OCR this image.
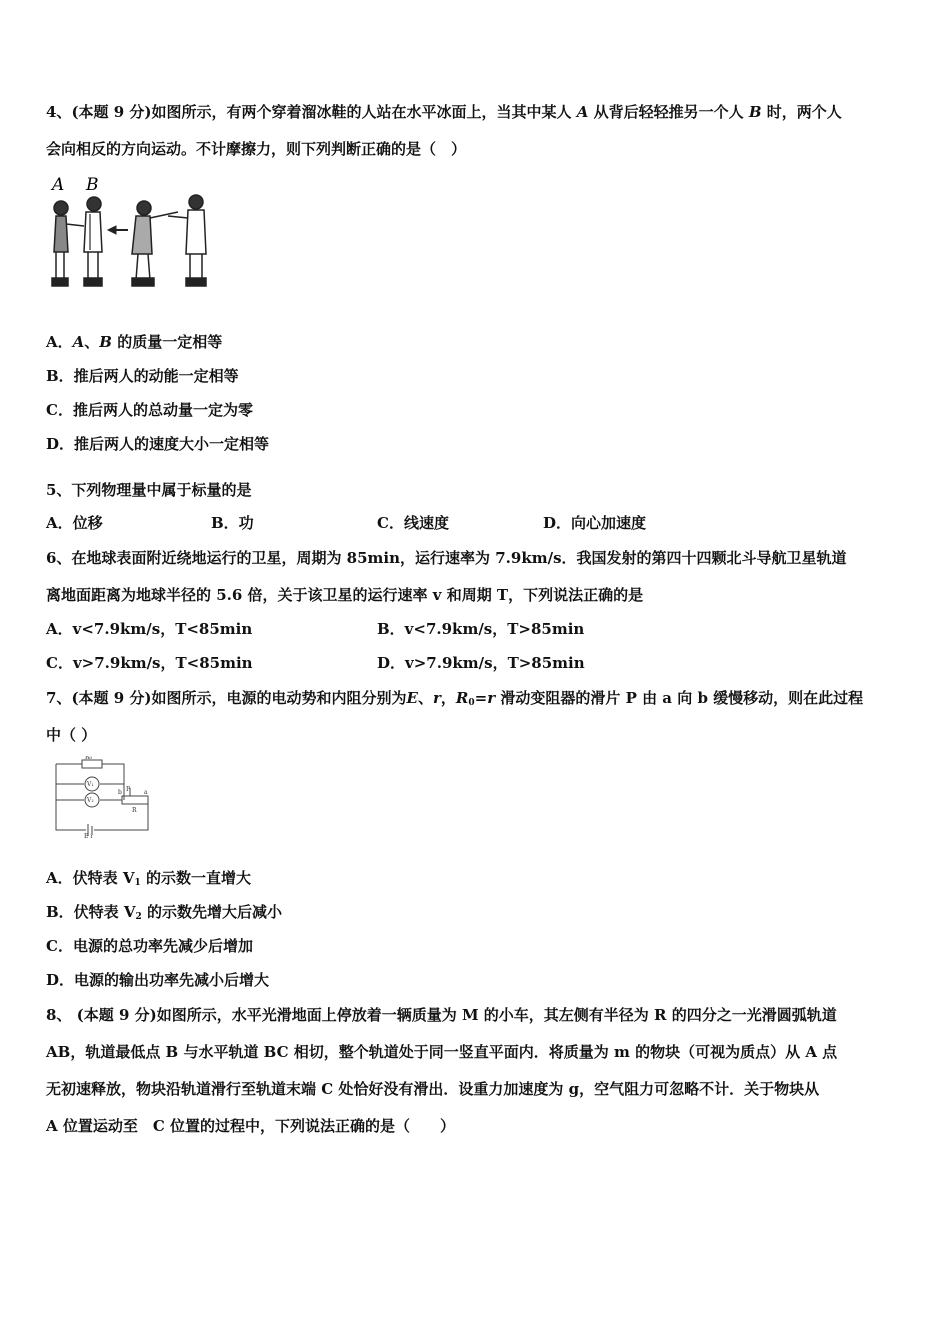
4、(本题 9 分)如图所示，有两个穿着溜冰鞋的人站在水平冰面上，当其中某人 A 从背后轻轻推另一个人 B 时，两个人
会向相反的方向运动。不计摩擦力，则下列判断正确的是（　）
A B
A．A、B 的质量一定相等
B．推后两人的动能一定相等
C．推后两人的总动量一定为零
D．推后两人的速度大小一定相等
5、下列物理量中属于标量的是
A．位移	B．功	C．线速度	D．向心加速度
6、在地球表面附近绕地运行的卫星，周期为 85min，运行速率为 7.9km/s．我国发射的第四十四颗北斗导航卫星轨道
离地面距离为地球半径的 5.6 倍，关于该卫星的运行速率 v 和周期 T，下列说法正确的是
A．v<7.9km/s，T<85min	B．v<7.9km/s，T>85min
C．v>7.9km/s，T<85min	D．v>7.9km/s，T>85min
7、(本题 9 分)如图所示，电源的电动势和内阻分别为E、r，$R_0=r$ 滑动变阻器的滑片 P 由 a 向 b 缓慢移动，则在此过程
中（ ）
R₀
V₁
V₂
P a
b
R
E r
A．伏特表 $V_1$ 的示数一直增大
B．伏特表 $V_2$ 的示数先增大后减小
C．电源的总功率先减少后增加
D．电源的输出功率先减小后增大
8、 (本题 9 分)如图所示，水平光滑地面上停放着一辆质量为 M 的小车，其左侧有半径为 R 的四分之一光滑圆弧轨道
AB，轨道最低点 B 与水平轨道 BC 相切，整个轨道处于同一竖直平面内．将质量为 m 的物块（可视为质点）从 A 点
无初速释放，物块沿轨道滑行至轨道末端 C 处恰好没有滑出．设重力加速度为 g，空气阻力可忽略不计．关于物块从
A 位置运动至　C 位置的过程中，下列说法正确的是（　　）
